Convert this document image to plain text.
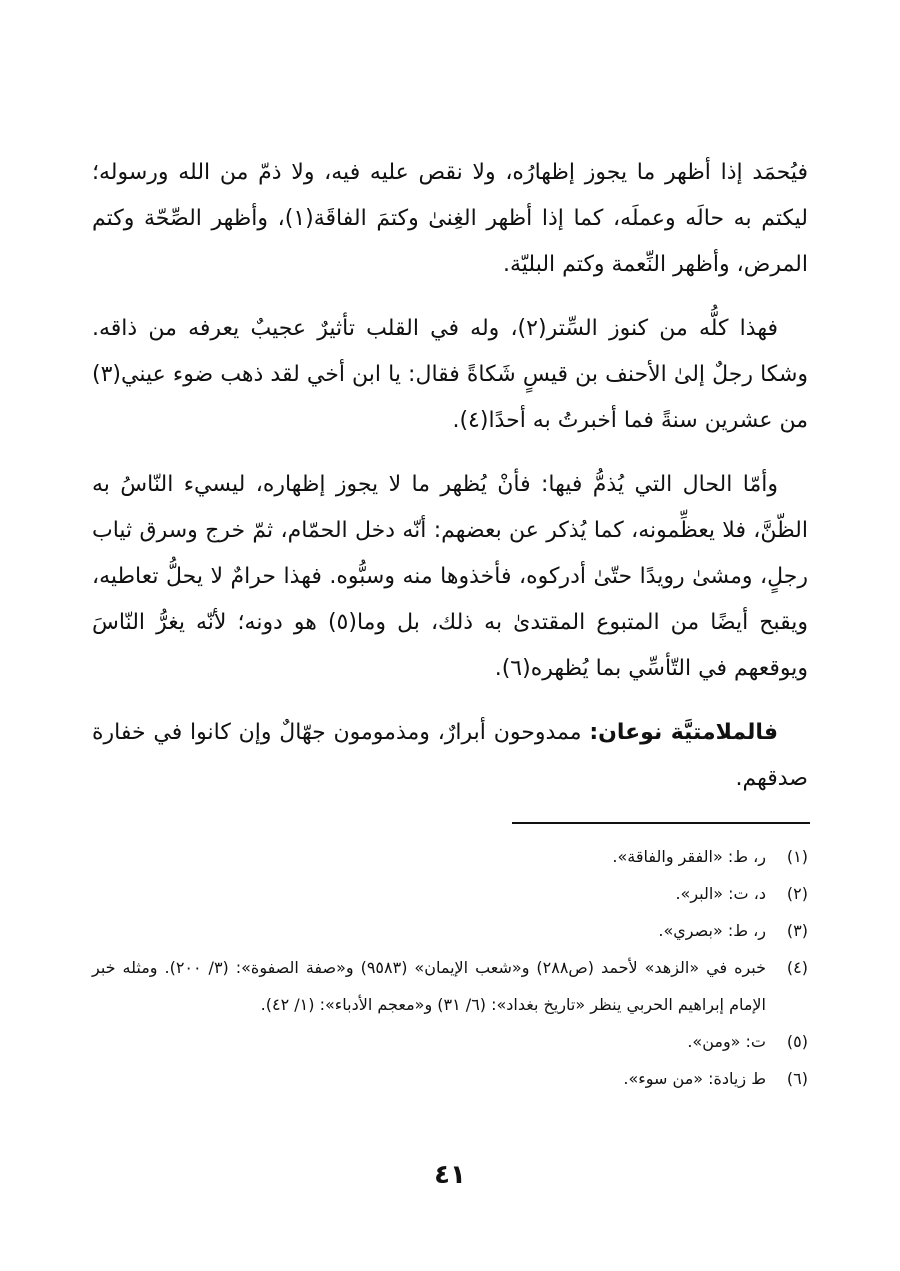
فيُحمَد إذا أظهر ما يجوز إظهارُه، ولا نقص عليه فيه، ولا ذمّ من الله ورسوله؛ ليكتم به حالَه وعملَه، كما إذا أظهر الغِنىٰ وكتمَ الفاقَة(١)، وأظهر الصِّحّة وكتم المرض، وأظهر النِّعمة وكتم البليّة.

فهذا كلُّه من كنوز السِّتر(٢)، وله في القلب تأثيرٌ عجيبٌ يعرفه من ذاقه. وشكا رجلٌ إلىٰ الأحنف بن قيسٍ شَكاةً فقال: يا ابن أخي لقد ذهب ضوء عيني(٣) من عشرين سنةً فما أخبرتُ به أحدًا(٤).

وأمّا الحال التي يُذمُّ فيها: فأنْ يُظهر ما لا يجوز إظهاره، ليسيء النّاسُ به الظّنَّ، فلا يعظِّمونه، كما يُذكر عن بعضهم: أنّه دخل الحمّام، ثمّ خرج وسرق ثياب رجلٍ، ومشىٰ رويدًا حتّىٰ أدركوه، فأخذوها منه وسبُّوه. فهذا حرامٌ لا يحلُّ تعاطيه، ويقبح أيضًا من المتبوع المقتدىٰ به ذلك، بل وما(٥) هو دونه؛ لأنّه يغرُّ النّاسَ ويوقعهم في التّأسِّي بما يُظهره(٦).

فالملامتيَّة نوعان: ممدوحون أبرارٌ، ومذمومون جهّالٌ وإن كانوا في خفارة صدقهم.

(١)
ر، ط: «الفقر والفاقة».
(٢)
د، ت: «البر».
(٣)
ر، ط: «بصري».
(٤)
خبره في «الزهد» لأحمد (ص٢٨٨) و«شعب الإيمان» (٩٥٨٣) و«صفة الصفوة»: (٣/ ٢٠٠). ومثله خبر الإمام إبراهيم الحربي ينظر «تاريخ بغداد»: (٦/ ٣١) و«معجم الأدباء»: (١/ ٤٢).
(٥)
ت: «ومن».
(٦)
ط زيادة: «من سوء».
٤١
